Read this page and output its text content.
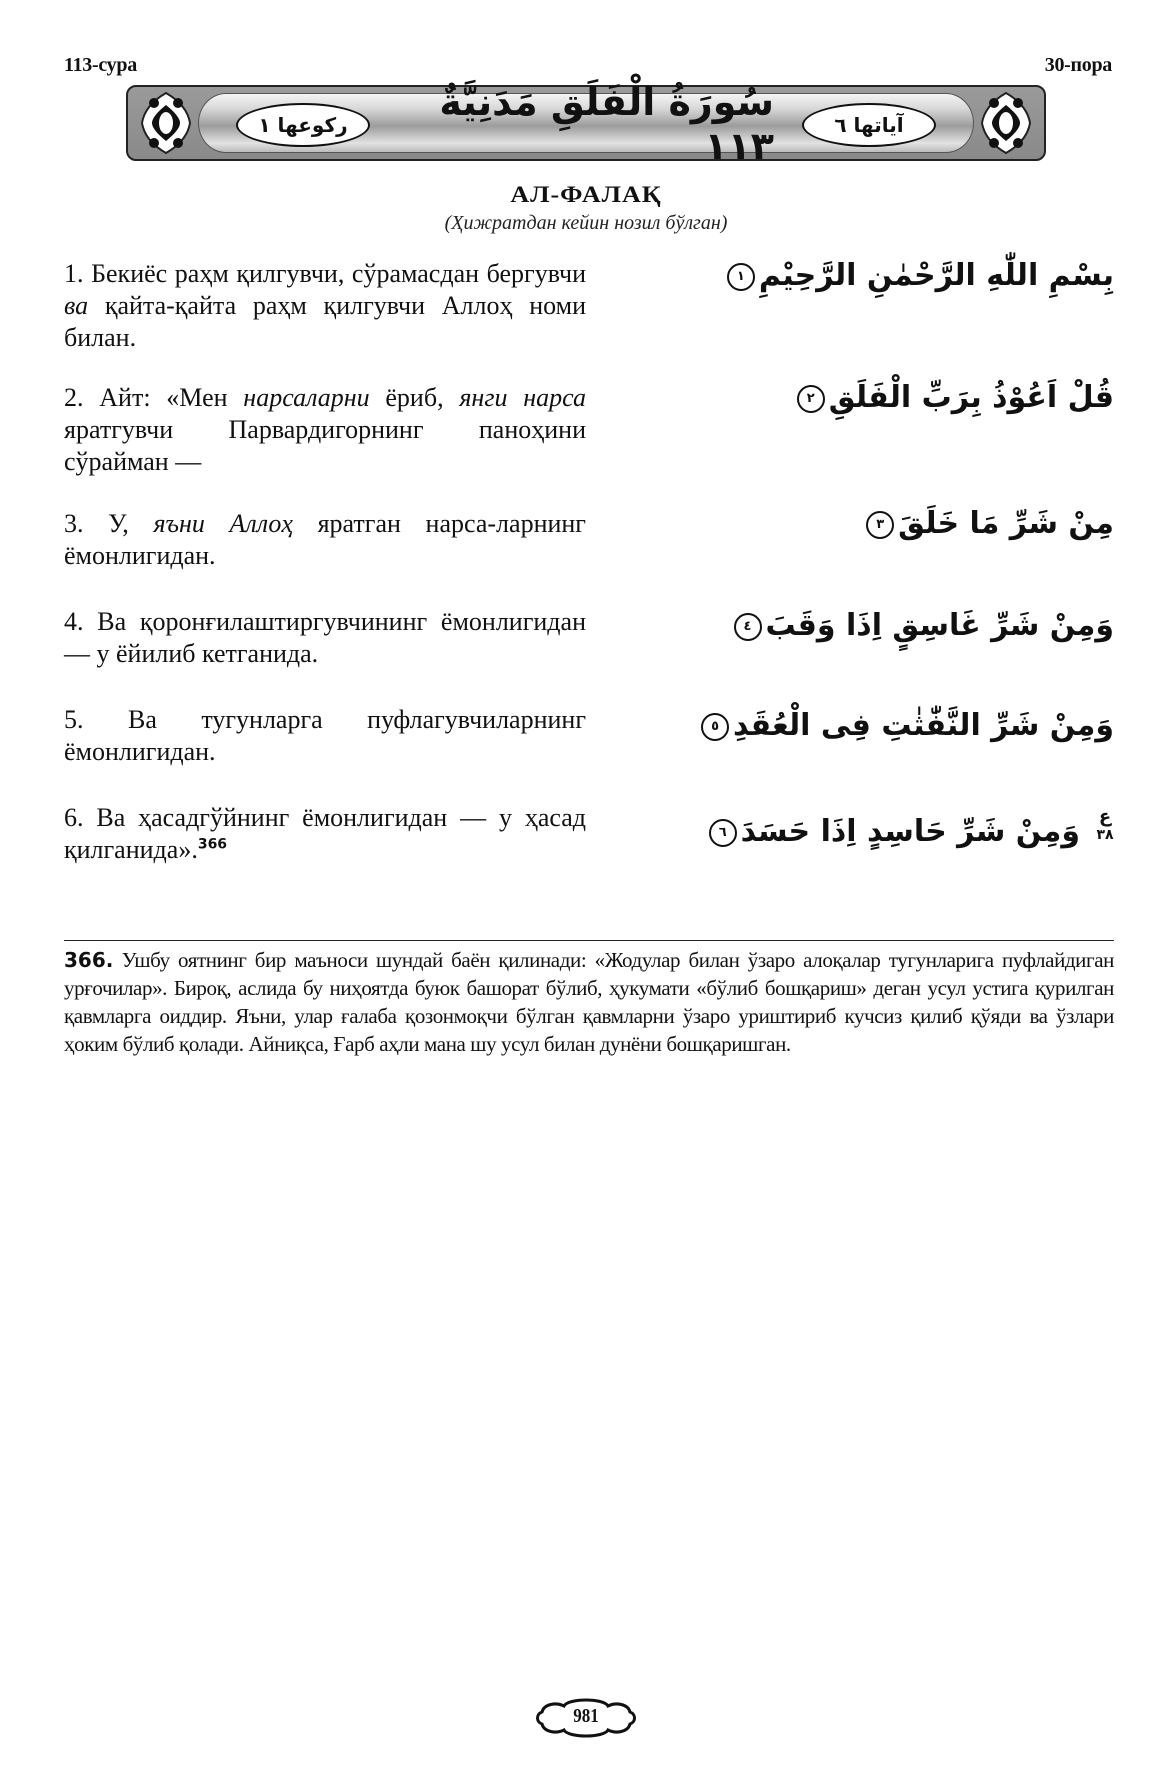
113-сура	30-пора
رکوعها ١
سُورَةُ الْفَلَقِ مَدَنِيَّةٌ ١١٣	آیاتها ٦
АЛ-ФАЛАҚ
(Ҳижратдан кейин нозил бўлган)
1. Бекиёс раҳм қилгувчи, сўрамасдан бергувчи ва қайта-қайта раҳм қилгувчи Аллоҳ номи билан.
بِسْمِ اللّٰهِ الرَّحْمٰنِ الرَّحِيْمِ١
2. Айт: «Мен нарсаларни ёриб, янги нарса яратгувчи Парвардигорнинг паноҳини сўрайман —
قُلْ اَعُوْذُ بِرَبِّ الْفَلَقِ٢
3. У, яъни Аллоҳ яратган нарса-ларнинг ёмонлигидан.
مِنْ شَرِّ مَا خَلَقَ٣
4. Ва қоронғилаштиргувчининг ёмонлигидан — у ёйилиб кетганида.
وَمِنْ شَرِّ غَاسِقٍ اِذَا وَقَبَ٤
5. Ва тугунларга пуфлагувчиларнинг ёмонлигидан.
وَمِنْ شَرِّ النَّفّٰثٰتِ فِى الْعُقَدِ٥
6. Ва ҳасадгўйнинг ёмонлигидан — у ҳасад қилганида».$^{366}$	وَمِنْ شَرِّ حَاسِدٍ اِذَا حَسَدَ٦
ع
٣٨
366. Ушбу оятнинг бир маъноси шундай баён қилинади: «Жодулар билан ўзаро алоқалар тугунларига пуфлайдиган урғочилар». Бироқ, аслида бу ниҳоятда буюк башорат бўлиб, ҳукумати «бўлиб бошқариш» деган усул устига қурилган қавмларга оиддир. Яъни, улар ғалаба қозонмоқчи бўлган қавмларни ўзаро уриштириб кучсиз қилиб қўяди ва ўзлари ҳоким бўлиб қолади. Айниқса, Ғарб аҳли мана шу усул билан дунёни бошқаришган.
981
